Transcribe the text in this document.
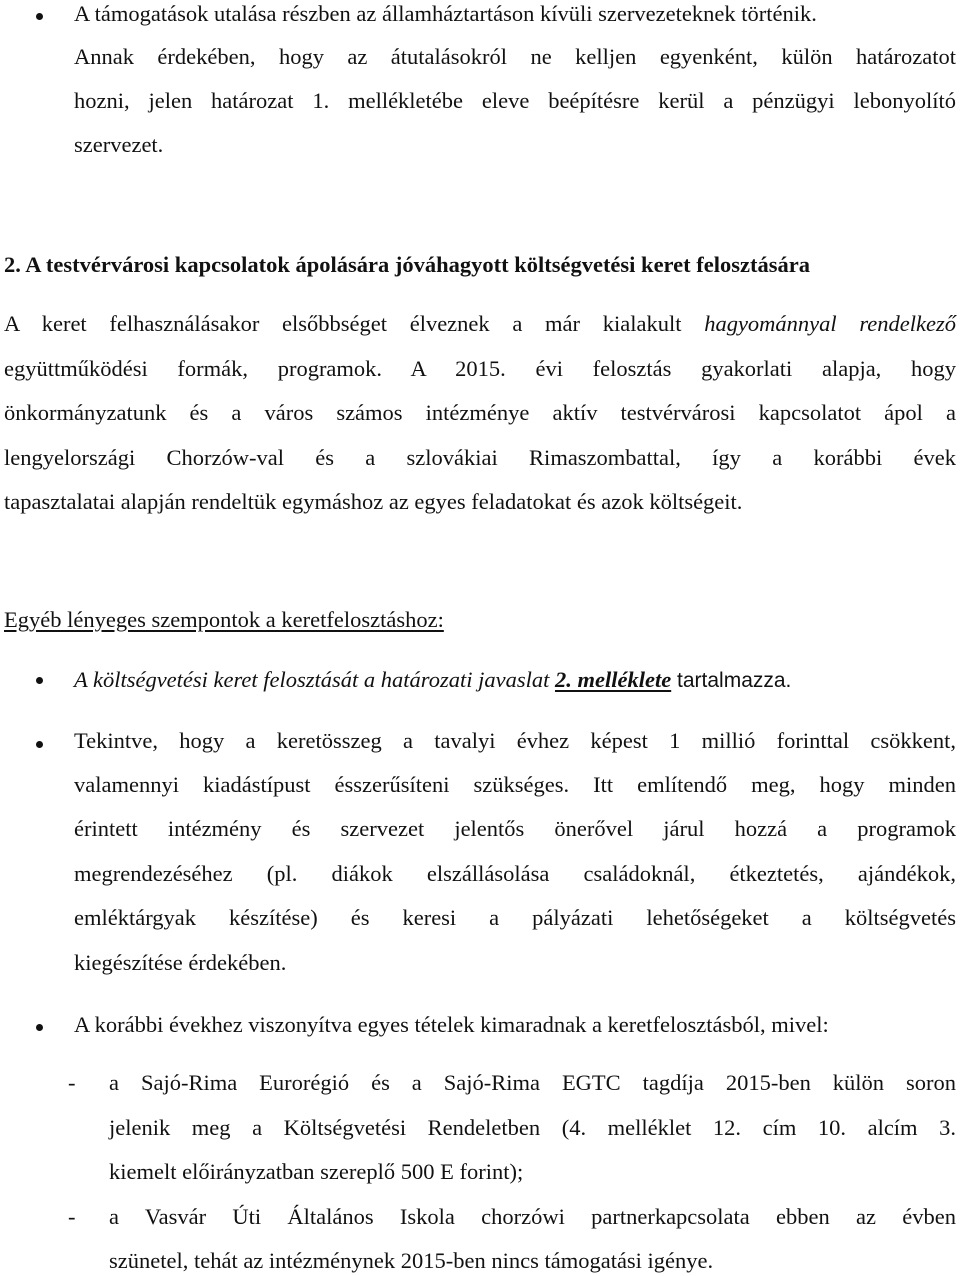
A támogatások utalása részben az államháztartáson kívüli szervezeteknek történik.
Annak érdekében, hogy az átutalásokról ne kelljen egyenként, külön határozatot
hozni, jelen határozat 1. mellékletébe eleve beépítésre kerül a pénzügyi lebonyolító
szervezet.
2. A testvérvárosi kapcsolatok ápolására jóváhagyott költségvetési keret felosztására
A keret felhasználásakor elsőbbséget élveznek a már kialakult hagyománnyal rendelkező
együttműködési formák, programok. A 2015. évi felosztás gyakorlati alapja, hogy
önkormányzatunk és a város számos intézménye aktív testvérvárosi kapcsolatot ápol a
lengyelországi Chorzów-val és a szlovákiai Rimaszombattal, így a korábbi évek
tapasztalatai alapján rendeltük egymáshoz az egyes feladatokat és azok költségeit.
Egyéb lényeges szempontok a keretfelosztáshoz:
A költségvetési keret felosztását a határozati javaslat 2. melléklete tartalmazza.
Tekintve, hogy a keretösszeg a tavalyi évhez képest 1 millió forinttal csökkent,
valamennyi kiadástípust ésszerűsíteni szükséges. Itt említendő meg, hogy minden
érintett intézmény és szervezet jelentős önerővel járul hozzá a programok
megrendezéséhez (pl. diákok elszállásolása családoknál, étkeztetés, ajándékok,
emléktárgyak készítése) és keresi a pályázati lehetőségeket a költségvetés
kiegészítése érdekében.
A korábbi évekhez viszonyítva egyes tételek kimaradnak a keretfelosztásból, mivel:
- a Sajó-Rima Eurorégió és a Sajó-Rima EGTC tagdíja 2015-ben külön soron
jelenik meg a Költségvetési Rendeletben (4. melléklet 12. cím 10. alcím 3.
kiemelt előirányzatban szereplő 500 E forint);
- a Vasvár Úti Általános Iskola chorzówi partnerkapcsolata ebben az évben
szünetel, tehát az intézménynek 2015-ben nincs támogatási igénye.
